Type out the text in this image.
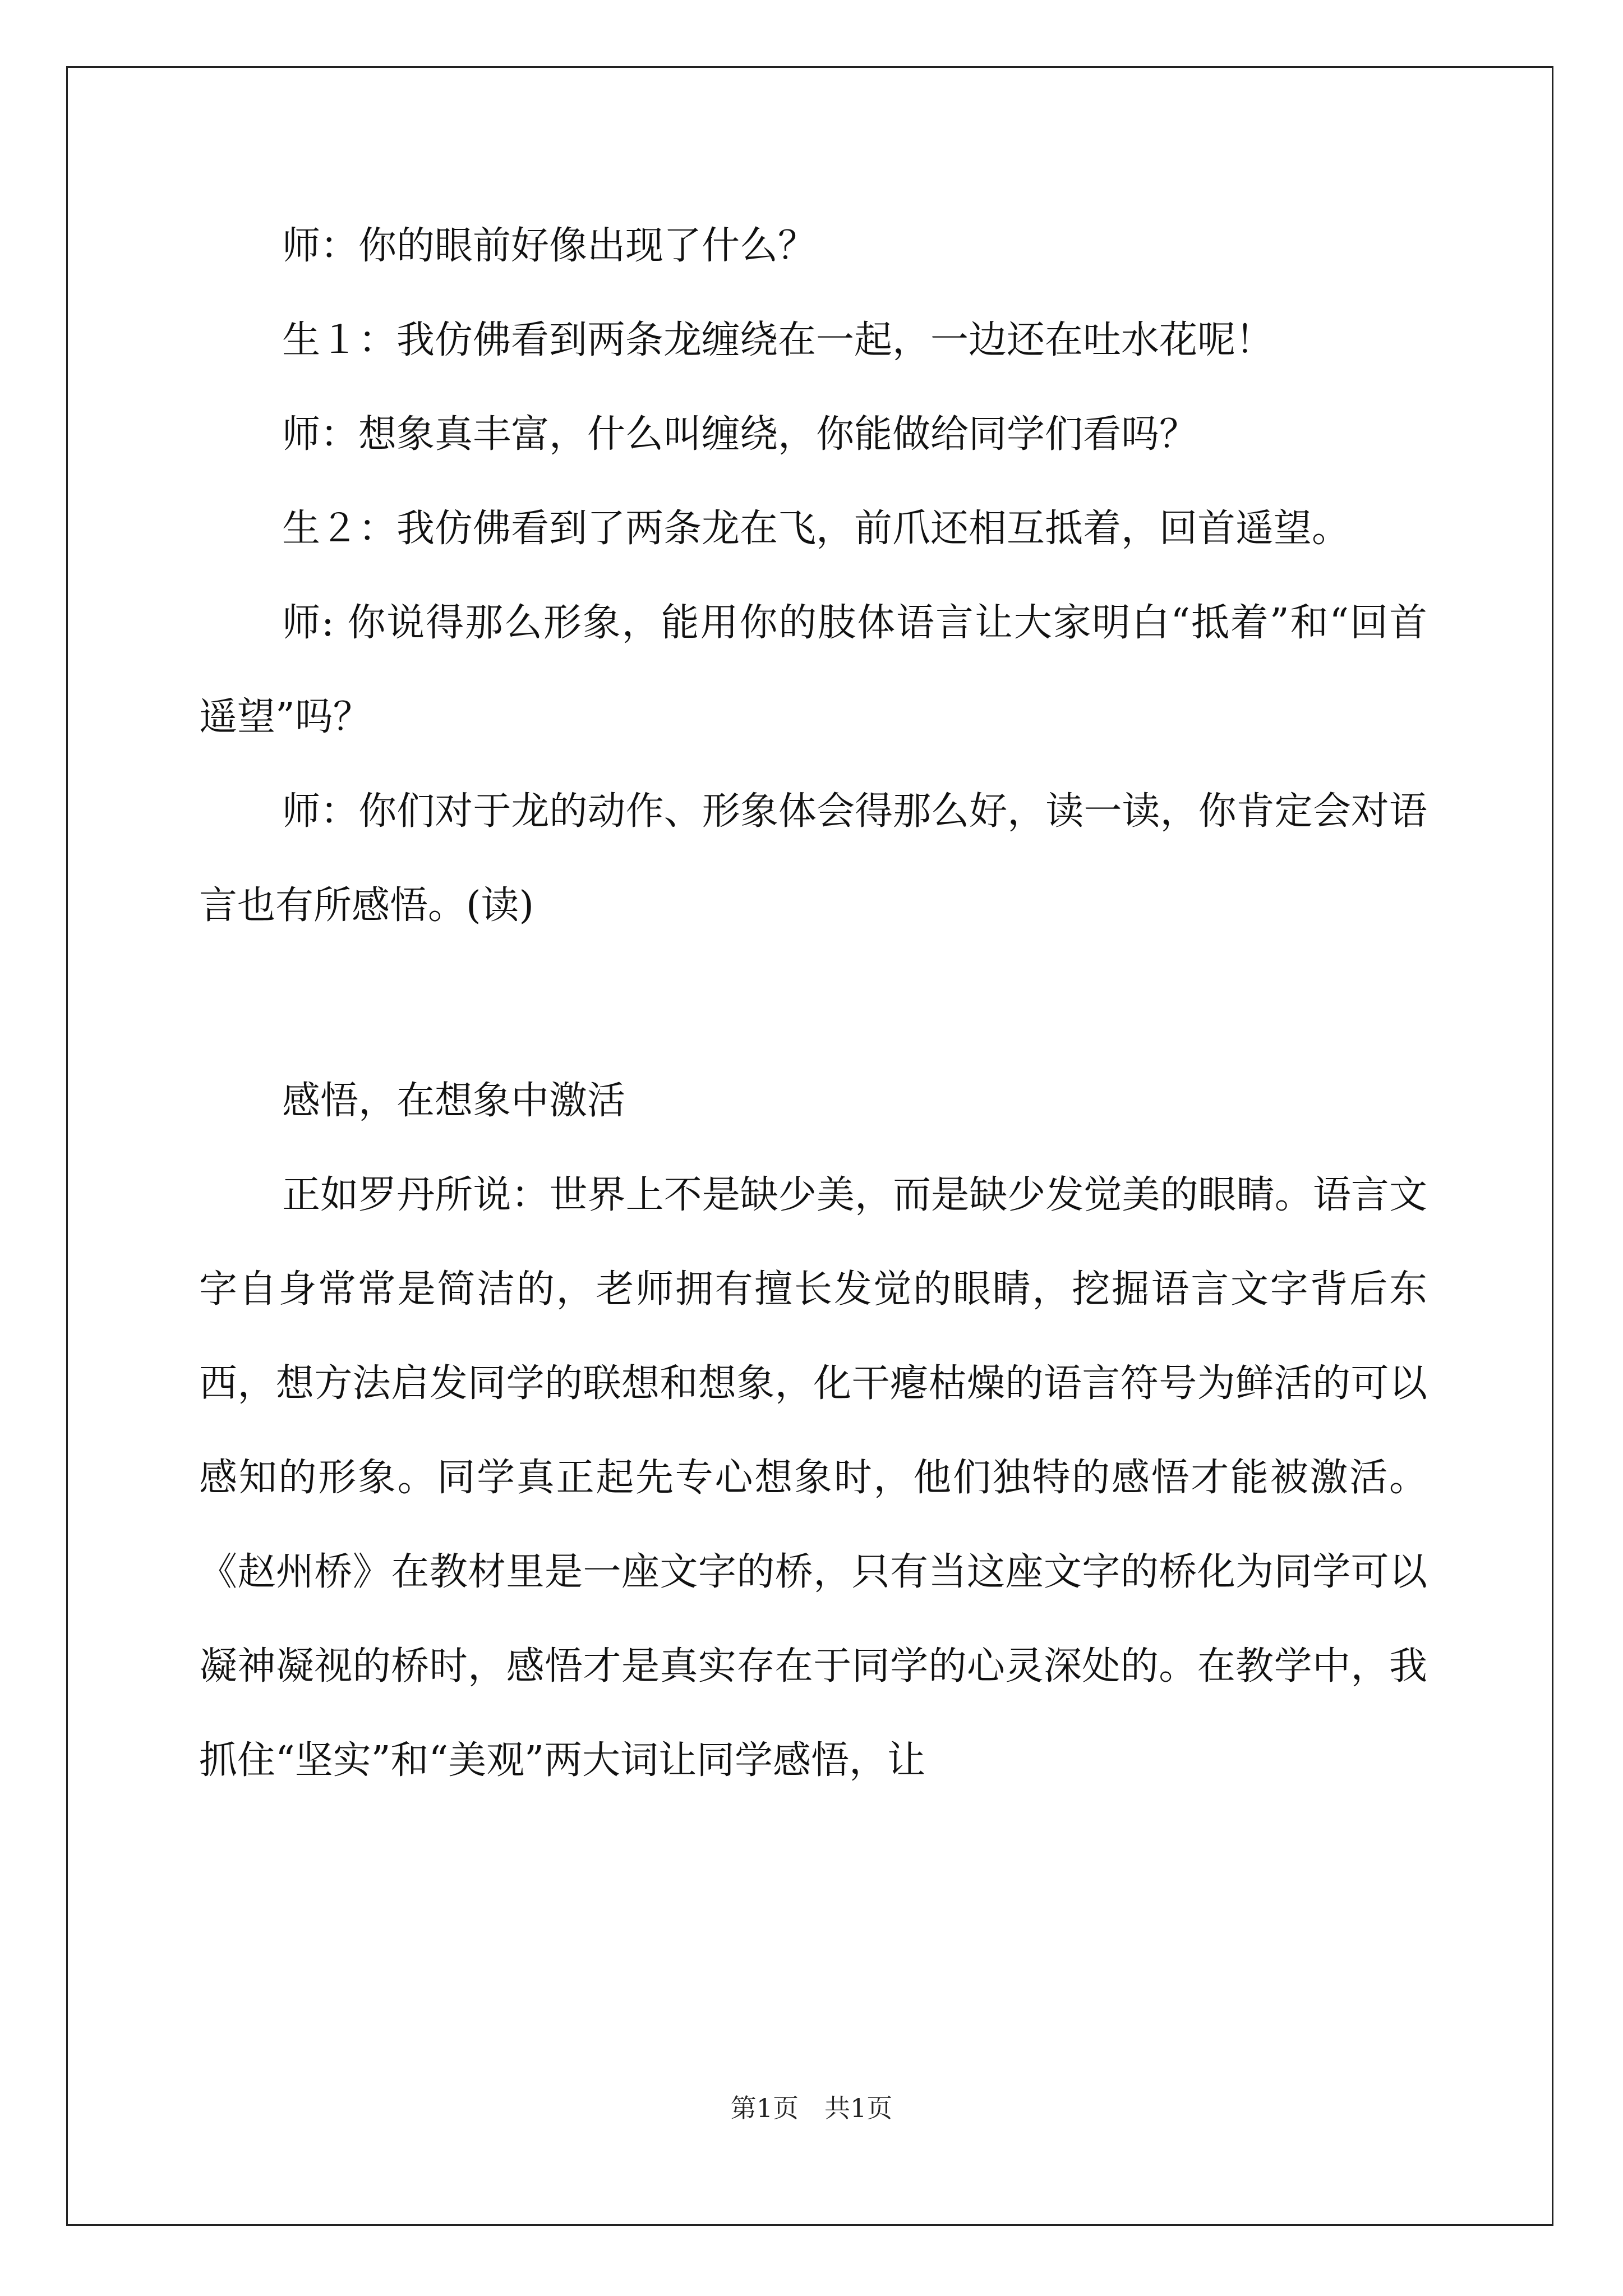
师：你的眼前好像出现了什么？

生１：我仿佛看到两条龙缠绕在一起，一边还在吐水花呢！

师：想象真丰富，什么叫缠绕，你能做给同学们看吗？

生２：我仿佛看到了两条龙在飞，前爪还相互抵着，回首遥望。

师: 你说得那么形象，能用你的肢体语言让大家明白“抵着”和“回首遥望”吗？

师：你们对于龙的动作、形象体会得那么好，读一读，你肯定会对语言也有所感悟。(读)

感悟，在想象中激活

正如罗丹所说：世界上不是缺少美，而是缺少发觉美的眼睛。语言文字自身常常是简洁的，老师拥有擅长发觉的眼睛，挖掘语言文字背后东西，想方法启发同学的联想和想象，化干瘪枯燥的语言符号为鲜活的可以感知的形象。同学真正起先专心想象时，他们独特的感悟才能被激活。《赵州桥》在教材里是一座文字的桥，只有当这座文字的桥化为同学可以凝神凝视的桥时，感悟才是真实存在于同学的心灵深处的。在教学中，我抓住“坚实”和“美观”两大词让同学感悟，让

第1页　共1页
